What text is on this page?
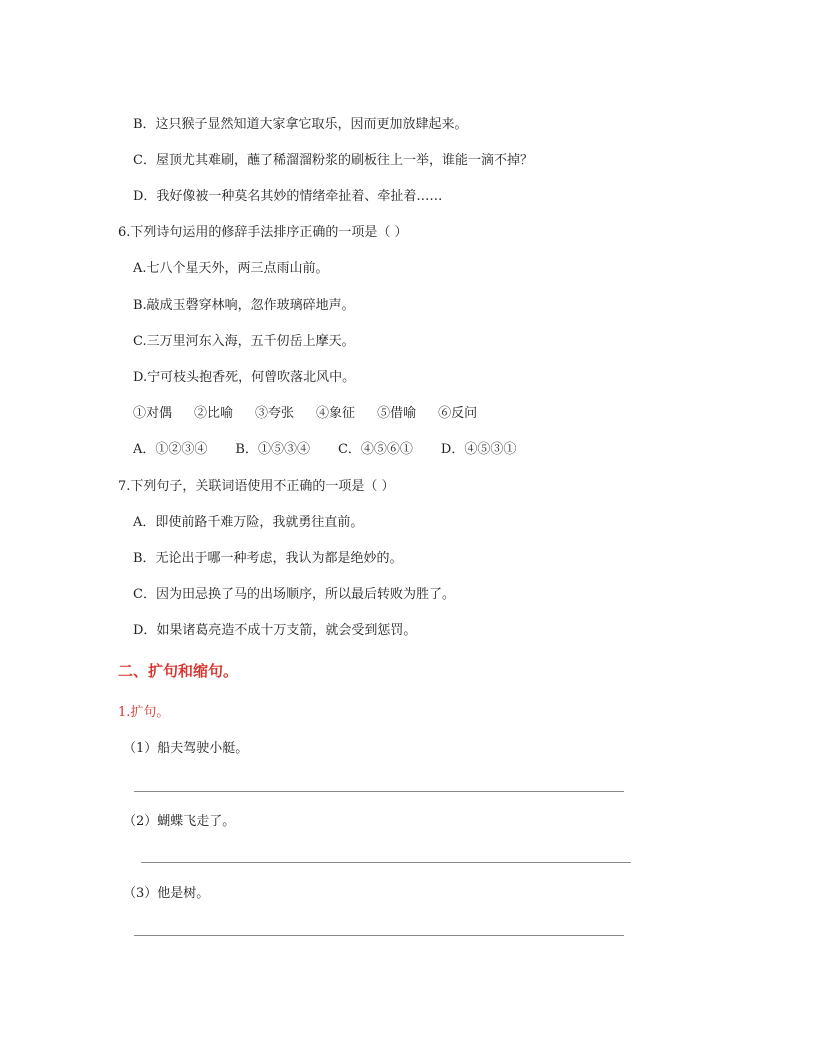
B．这只猴子显然知道大家拿它取乐，因而更加放肆起来。
C．屋顶尤其难刷，蘸了稀溜溜粉浆的刷板往上一举，谁能一滴不掉？
D．我好像被一种莫名其妙的情绪牵扯着、牵扯着……
6.下列诗句运用的修辞手法排序正确的一项是（ ）
A.七八个星天外，两三点雨山前。
B.敲成玉磬穿林响，忽作玻璃碎地声。
C.三万里河东入海，五千仞岳上摩天。
D.宁可枝头抱香死，何曾吹落北风中。
①对偶 ②比喻 ③夸张 ④象征 ⑤借喻 ⑥反问
A．①②③④ B．①⑤③④ C．④⑤⑥① D．④⑤③①
7.下列句子，关联词语使用不正确的一项是（ ）
A．即使前路千难万险，我就勇往直前。
B．无论出于哪一种考虑，我认为都是绝妙的。
C．因为田忌换了马的出场顺序，所以最后转败为胜了。
D．如果诸葛亮造不成十万支箭，就会受到惩罚。
二、扩句和缩句。
1.扩句。
（1）船夫驾驶小艇。
（2）蝴蝶飞走了。
（3）他是树。
